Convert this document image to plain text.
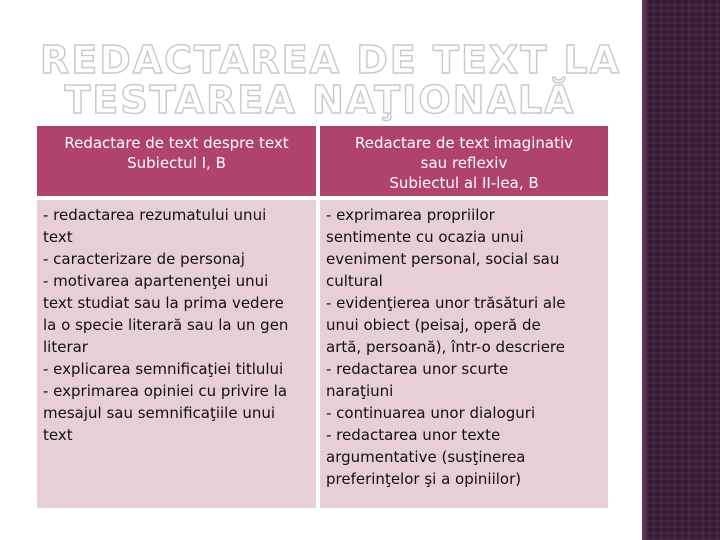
REDACTAREA DE TEXT LA
TESTAREA NAŢIONALĂ
Redactare de text despre text
Subiectul I, B
- redactarea rezumatului unui
text
- caracterizare de personaj
- motivarea apartenenţei unui
text studiat sau la prima vedere
la o specie literară sau la un gen
literar
- explicarea semnificaţiei titlului
- exprimarea opiniei cu privire la
mesajul sau semnificaţiile unui
text
Redactare de text imaginativ
sau reflexiv
Subiectul al II-lea, B
- exprimarea propriilor
sentimente cu ocazia unui
eveniment personal, social sau
cultural
- evidenţierea unor trăsături ale
unui obiect (peisaj, operă de
artă, persoană), într-o descriere
- redactarea unor scurte
naraţiuni
- continuarea unor dialoguri
- redactarea unor texte
argumentative (susţinerea
preferinţelor şi a opiniilor)
